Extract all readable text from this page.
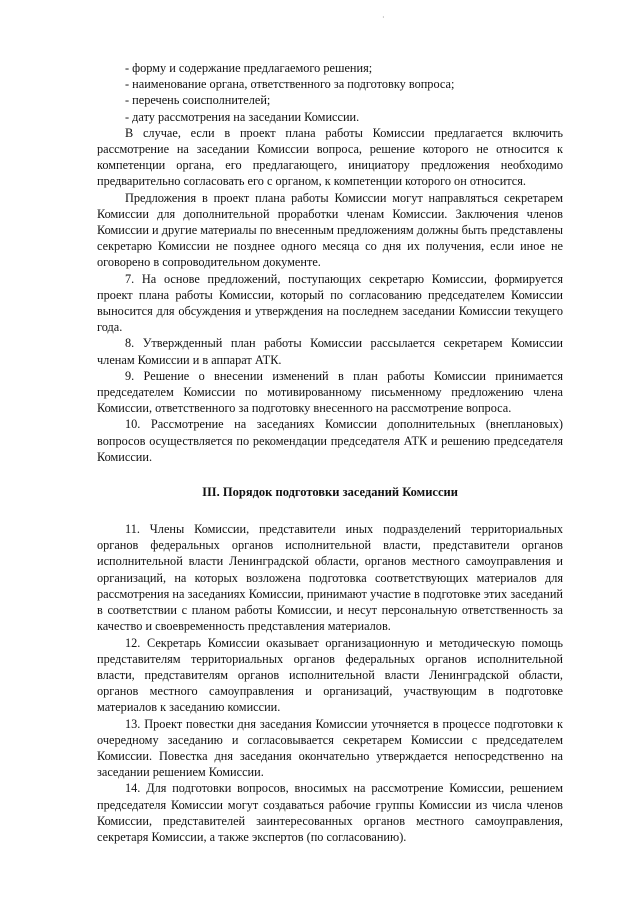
·

- форму и содержание предлагаемого решения;

- наименование органа, ответственного за подготовку вопроса;

- перечень соисполнителей;

- дату рассмотрения на заседании Комиссии.

В случае, если в проект плана работы Комиссии предлагается включить рассмотрение на заседании Комиссии вопроса, решение которого не относится к компетенции органа, его предлагающего, инициатору предложения необходимо предварительно согласовать его с органом, к компетенции которого он относится.

Предложения в проект плана работы Комиссии могут направляться секретарем Комиссии для дополнительной проработки членам Комиссии. Заключения членов Комиссии и другие материалы по внесенным предложениям должны быть представлены секретарю Комиссии не позднее одного месяца со дня их получения, если иное не оговорено в сопроводительном документе.

7. На основе предложений, поступающих секретарю Комиссии, формируется проект плана работы Комиссии, который по согласованию председателем Комиссии выносится для обсуждения и утверждения на последнем заседании Комиссии текущего года.

8. Утвержденный план работы Комиссии рассылается секретарем Комиссии членам Комиссии и в аппарат АТК.

9. Решение о внесении изменений в план работы Комиссии принимается председателем Комиссии по мотивированному письменному предложению члена Комиссии, ответственного за подготовку внесенного на рассмотрение вопроса.

10. Рассмотрение на заседаниях Комиссии дополнительных (внеплановых) вопросов осуществляется по рекомендации председателя АТК и решению председателя Комиссии.

III. Порядок подготовки заседаний Комиссии

11. Члены Комиссии, представители иных подразделений территориальных органов федеральных органов исполнительной власти, представители органов исполнительной власти Ленинградской области, органов местного самоуправления и организаций, на которых возложена подготовка соответствующих материалов для рассмотрения на заседаниях Комиссии, принимают участие в подготовке этих заседаний в соответствии с планом работы Комиссии, и несут персональную ответственность за качество и своевременность представления материалов.

12. Секретарь Комиссии оказывает организационную и методическую помощь представителям территориальных органов федеральных органов исполнительной власти, представителям органов исполнительной власти Ленинградской области, органов местного самоуправления и организаций, участвующим в подготовке материалов к заседанию комиссии.

13. Проект повестки дня заседания Комиссии уточняется в процессе подготовки к очередному заседанию и согласовывается секретарем Комиссии с председателем Комиссии. Повестка дня заседания окончательно утверждается непосредственно на заседании решением Комиссии.

14. Для подготовки вопросов, вносимых на рассмотрение Комиссии, решением председателя Комиссии могут создаваться рабочие группы Комиссии из числа членов Комиссии, представителей заинтересованных органов местного самоуправления, секретаря Комиссии, а также экспертов (по согласованию).
